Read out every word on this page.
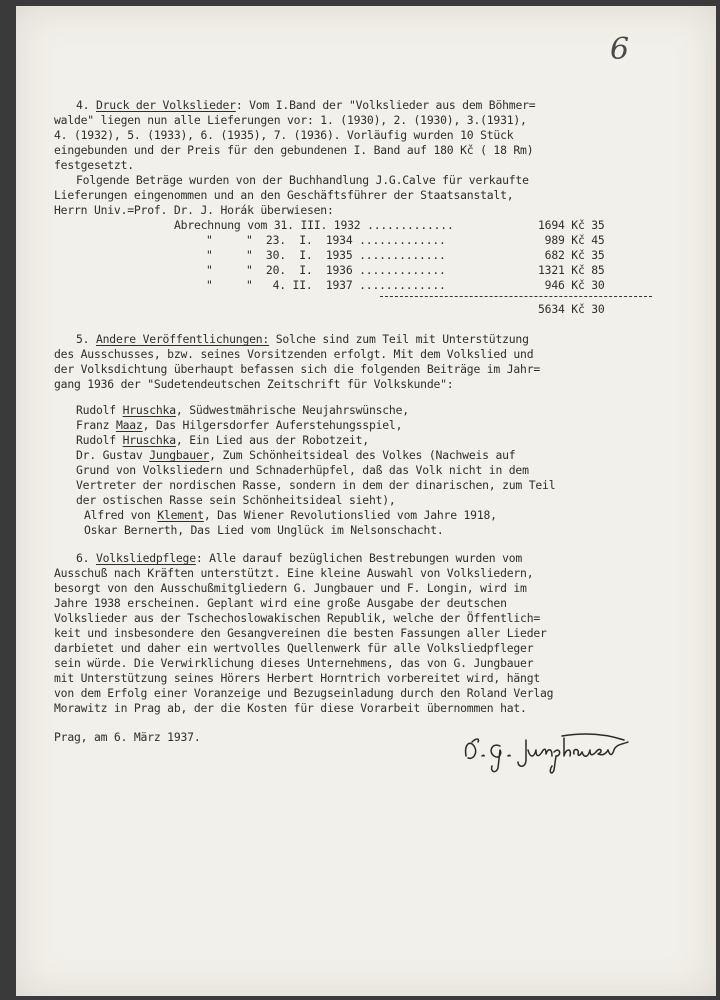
6
4. Druck der Volkslieder: Vom I.Band der "Volkslieder aus dem Böhmer=
walde" liegen nun alle Lieferungen vor: 1. (1930), 2. (1930), 3.(1931),
4. (1932), 5. (1933), 6. (1935), 7. (1936). Vorläufig wurden 10 Stück
eingebunden und der Preis für den gebundenen I. Band auf 180 Kč ( 18 Rm)
festgesetzt.
Folgende Beträge wurden von der Buchhandlung J.G.Calve für verkaufte
Lieferungen eingenommen und an den Geschäftsführer der Staatsanstalt,
Herrn Univ.=Prof. Dr. J. Horák überwiesen:
Abrechnung vom 31. III. 1932 .............	1694 Kč 35
"     "  23.  I.  1934 .............	989 Kč 45
"     "  30.  I.  1935 .............	682 Kč 35
"     "  20.  I.  1936 .............	1321 Kč 85
"     "   4. II.  1937 .............	946 Kč 30
5634 Kč 30
5. Andere Veröffentlichungen: Solche sind zum Teil mit Unterstützung
des Ausschusses, bzw. seines Vorsitzenden erfolgt. Mit dem Volkslied und
der Volksdichtung überhaupt befassen sich die folgenden Beiträge im Jahr=
gang 1936 der "Sudetendeutschen Zeitschrift für Volkskunde":
Rudolf Hruschka, Südwestmährische Neujahrswünsche,
Franz Maaz, Das Hilgersdorfer Auferstehungsspiel,
Rudolf Hruschka, Ein Lied aus der Robotzeit,
Dr. Gustav Jungbauer, Zum Schönheitsideal des Volkes (Nachweis auf
Grund von Volksliedern und Schnaderhüpfel, daß das Volk nicht in dem
Vertreter der nordischen Rasse, sondern in dem der dinarischen, zum Teil
der ostischen Rasse sein Schönheitsideal sieht),
Alfred von Klement, Das Wiener Revolutionslied vom Jahre 1918,
Oskar Bernerth, Das Lied vom Unglück im Nelsonschacht.
6. Volksliedpflege: Alle darauf bezüglichen Bestrebungen wurden vom
Ausschuß nach Kräften unterstützt. Eine kleine Auswahl von Volksliedern,
besorgt von den Ausschußmitgliedern G. Jungbauer und F. Longin, wird im
Jahre 1938 erscheinen. Geplant wird eine große Ausgabe der deutschen
Volkslieder aus der Tschechoslowakischen Republik, welche der Öffentlich=
keit und insbesondere den Gesangvereinen die besten Fassungen aller Lieder
darbietet und daher ein wertvolles Quellenwerk für alle Volksliedpfleger
sein würde. Die Verwirklichung dieses Unternehmens, das von G. Jungbauer
mit Unterstützung seines Hörers Herbert Horntrich vorbereitet wird, hängt
von dem Erfolg einer Voranzeige und Bezugseinladung durch den Roland Verlag
Morawitz in Prag ab, der die Kosten für diese Vorarbeit übernommen hat.
Prag, am 6. März 1937.
